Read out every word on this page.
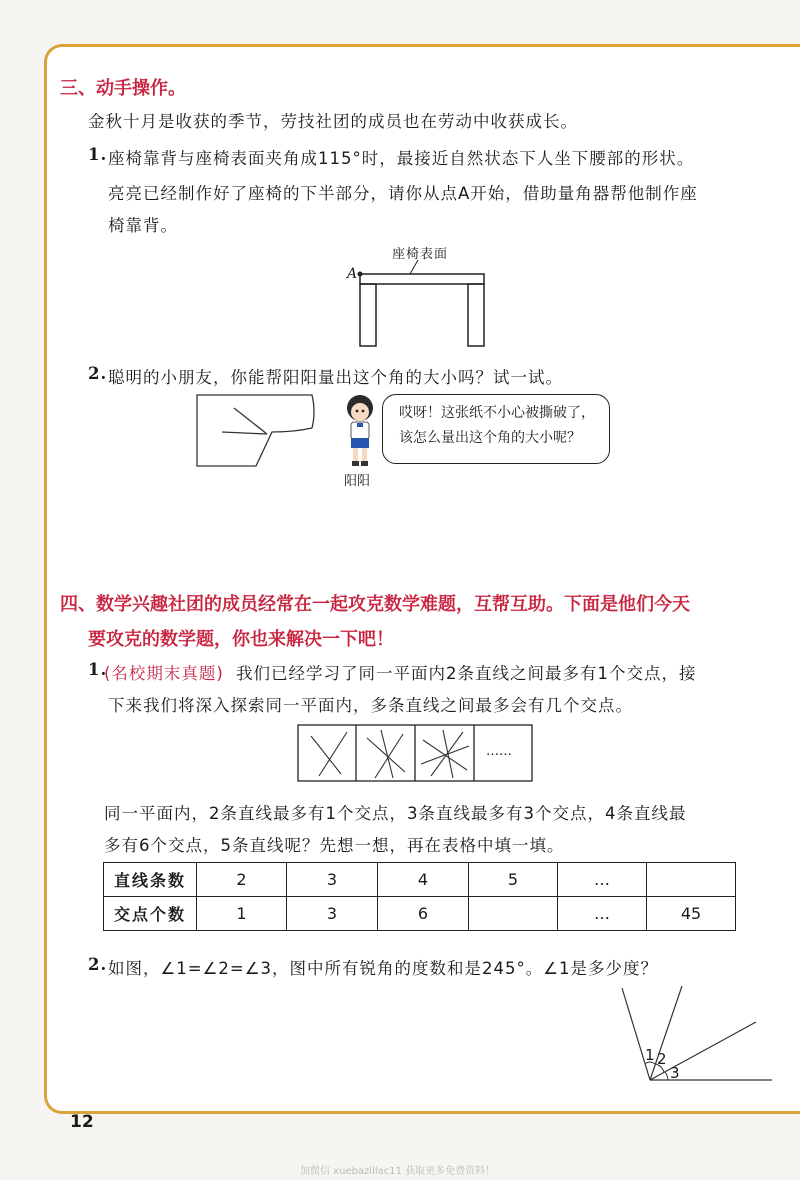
三、动手操作。
金秋十月是收获的季节，劳技社团的成员也在劳动中收获成长。
1. 座椅靠背与座椅表面夹角成115°时，最接近自然状态下人坐下腰部的形状。
亮亮已经制作好了座椅的下半部分，请你从点A开始，借助量角器帮他制作座
椅靠背。
座椅表面
A
2. 聪明的小朋友，你能帮阳阳量出这个角的大小吗？试一试。
阳阳
哎呀！这张纸不小心被撕破了，
该怎么量出这个角的大小呢？
四、数学兴趣社团的成员经常在一起攻克数学难题，互帮互助。下面是他们今天
要攻克的数学题，你也来解决一下吧！
1.
(名校期末真题) 我们已经学习了同一平面内2条直线之间最多有1个交点，接
下来我们将深入探索同一平面内，多条直线之间最多会有几个交点。
……
同一平面内，2条直线最多有1个交点，3条直线最多有3个交点，4条直线最
多有6个交点，5条直线呢？先想一想，再在表格中填一填。
直线条数	2	3	4	5	…	
交点个数	1	3	6		…	45
2. 如图，∠1=∠2=∠3，图中所有锐角的度数和是245°。∠1是多少度？
1 2
3
12
加微信 xuebazillac11 获取更多免费资料！
